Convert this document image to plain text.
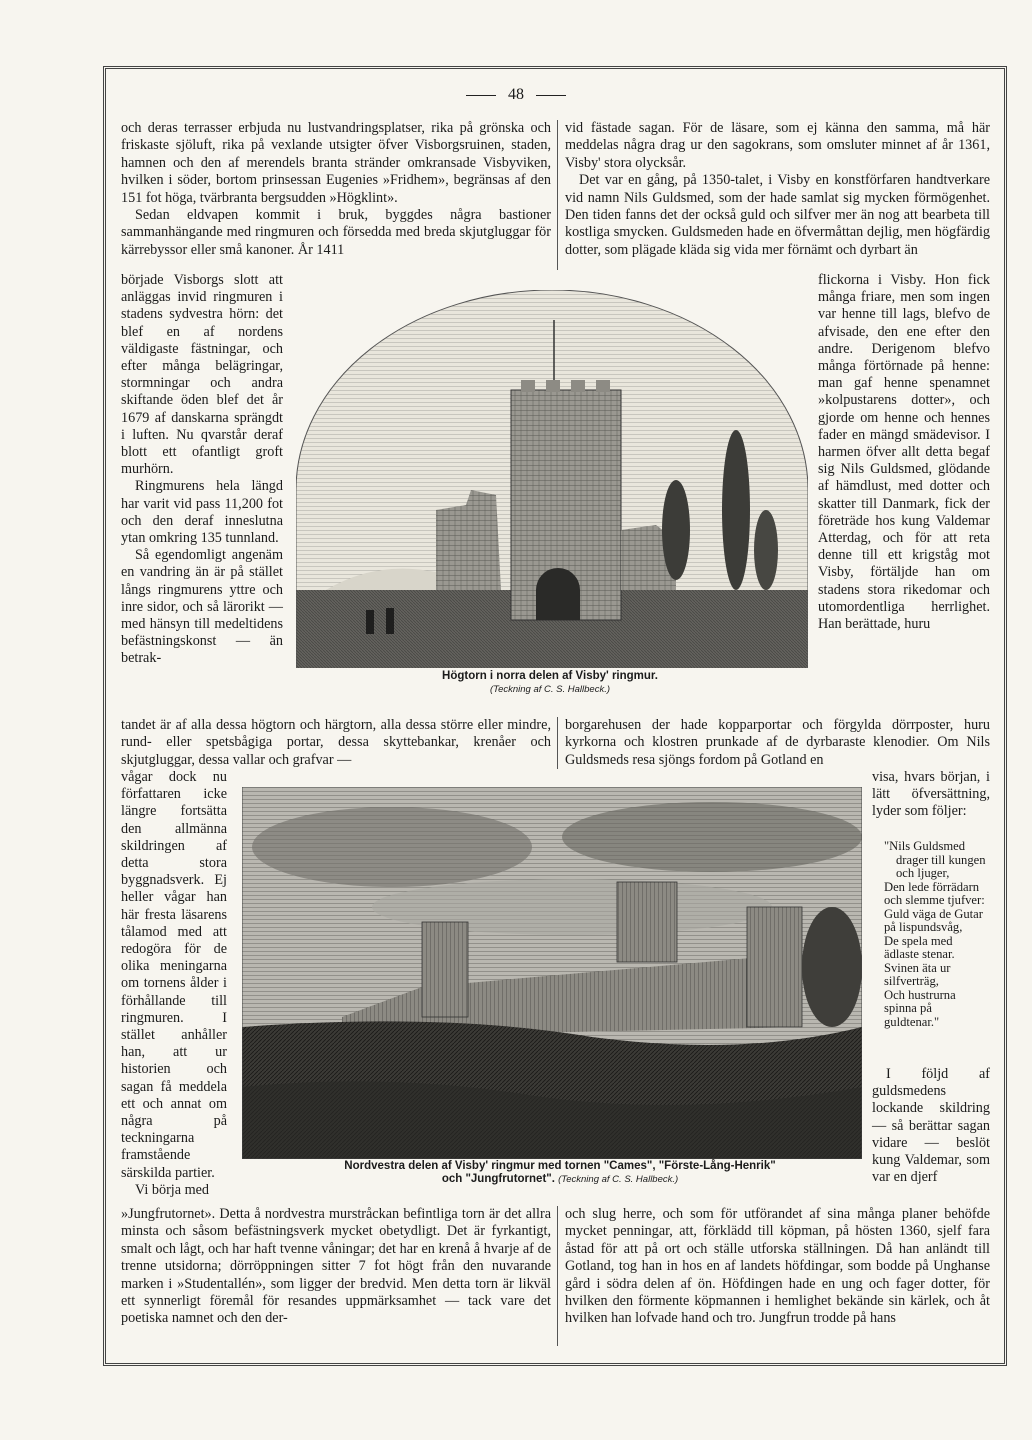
48

och deras terrasser erbjuda nu lustvandringsplatser, rika på grönska och friskaste sjöluft, rika på vexlande utsigter öfver Visborgsruinen, staden, hamnen och den af merendels branta stränder omkransade Visbyviken, hvilken i söder, bortom prinsessan Eugenies »Fridhem», begränsas af den 151 fot höga, tvärbranta bergsudden »Högklint».

Sedan eldvapen kommit i bruk, byggdes några bastioner sammanhängande med ringmuren och försedda med breda skjutgluggar för kärrebyssor eller små kanoner. År 1411

vid fästade sagan. För de läsare, som ej känna den samma, må här meddelas några drag ur den sagokrans, som omsluter minnet af år 1361, Visby' stora olycksår.

Det var en gång, på 1350-talet, i Visby en konstförfaren handtverkare vid namn Nils Guldsmed, som der hade samlat sig mycken förmögenhet. Den tiden fanns det der också guld och silfver mer än nog att bearbeta till kostliga smycken. Guldsmeden hade en öfvermåttan dejlig, men högfärdig dotter, som plägade kläda sig vida mer förnämt och dyrbart än

började Visborgs slott att anläggas invid ringmuren i stadens sydvestra hörn: det blef en af nordens väldigaste fästningar, och efter många belägringar, stormningar och andra skiftande öden blef det år 1679 af danskarna sprängdt i luften. Nu qvarstår deraf blott ett ofantligt groft murhörn.

Ringmurens hela längd har varit vid pass 11,200 fot och den deraf inneslutna ytan omkring 135 tunnland.

Så egendomligt angenäm en vandring än är på stället långs ringmurens yttre och inre sidor, och så lärorikt — med hänsyn till medeltidens befästningskonst — än betrak-

flickorna i Visby. Hon fick många friare, men som ingen var henne till lags, blefvo de afvisade, den ene efter den andre. Derigenom blefvo många förtörnade på henne: man gaf henne spenamnet »kolpustarens dotter», och gjorde om henne och hennes fader en mängd smädevisor. I harmen öfver allt detta begaf sig Nils Guldsmed, glödande af hämdlust, med dotter och skatter till Danmark, fick der företräde hos kung Valdemar Atterdag, och för att reta denne till ett krigståg mot Visby, förtäljde han om stadens stora rikedomar och utomordentliga herrlighet. Han berättade, huru

Högtorn i norra delen af Visby' ringmur.
(Teckning af C. S. Hallbeck.)

tandet är af alla dessa högtorn och härgtorn, alla dessa större eller mindre, rund- eller spetsbågiga portar, dessa skyttebankar, krenåer och skjutgluggar, dessa vallar och grafvar —

borgarehusen der hade kopparportar och förgylda dörrposter, huru kyrkorna och klostren prunkade af de dyrbaraste klenodier. Om Nils Guldsmeds resa sjöngs fordom på Gotland en

vågar dock nu författaren icke längre fortsätta den allmänna skildringen af detta stora byggnadsverk. Ej heller vågar han här fresta läsarens tålamod med att redogöra för de olika meningarna om tornens ålder i förhållande till ringmuren. I stället anhåller han, att ur historien och sagan få meddela ett och annat om några på teckningarna framstående särskilda partier.

Vi börja med

visa, hvars början, i lätt öfversättning, lyder som följer:

"Nils Guldsmed
drager till kungen och ljuger,
Den lede förrädarn och slemme tjufver:
Guld väga de Gutar på lispundsvåg,
De spela med ädlaste stenar.
Svinen äta ur silfverträg,
Och hustrurna spinna på guldtenar."

I följd af guldsmedens lockande skildring — så berättar sagan vidare — beslöt kung Valdemar, som var en djerf

Nordvestra delen af Visby' ringmur med tornen "Cames", "Förste-Lång-Henrik"
och "Jungfrutornet". (Teckning af C. S. Hallbeck.)

»Jungfrutornet». Detta å nordvestra murstråckan befintliga torn är det allra minsta och såsom befästningsverk mycket obetydligt. Det är fyrkantigt, smalt och lågt, och har haft tvenne våningar; det har en krenå å hvarje af de trenne utsidorna; dörröppningen sitter 7 fot högt från den nuvarande marken i »Studentallén», som ligger der bredvid. Men detta torn är likväl ett synnerligt föremål för resandes uppmärksamhet — tack vare det poetiska namnet och den der-

och slug herre, och som för utförandet af sina många planer behöfde mycket penningar, att, förklädd till köpman, på hösten 1360, sjelf fara åstad för att på ort och ställe utforska ställningen. Då han anländt till Gotland, tog han in hos en af landets höfdingar, som bodde på Unghanse gård i södra delen af ön. Höfdingen hade en ung och fager dotter, för hvilken den förmente köpmannen i hemlighet bekände sin kärlek, och åt hvilken han lofvade hand och tro. Jungfrun trodde på hans
